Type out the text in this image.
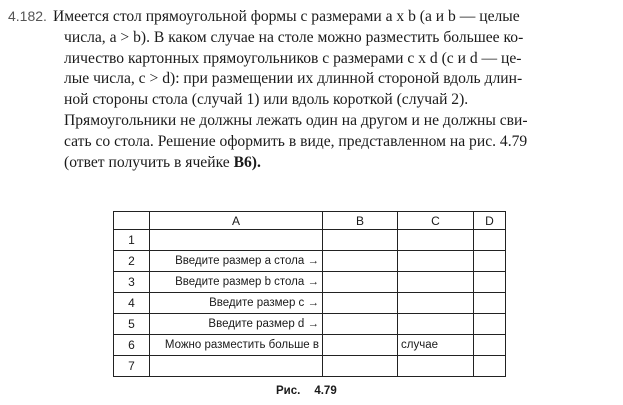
4.182. Имеется стол прямоугольной формы с размерами a x b (a и b — целые
числа, a > b). В каком случае на столе можно разместить большее ко-
личество картонных прямоугольников с размерами c x d (c и d — це-
лые числа, c > d): при размещении их длинной стороной вдоль длин-
ной стороны стола (случай 1) или вдоль короткой (случай 2).
Прямоугольники не должны лежать один на другом и не должны сви-
сать со стола. Решение оформить в виде, представленном на рис. 4.79
(ответ получить в ячейке B6).
	A	B	C	D
1				
2	Введите размер a стола →			
3	Введите размер b стола →			
4	Введите размер c →			
5	Введите размер d →			
6	Можно разместить больше в		случае	
7				
Рис. 4.79
